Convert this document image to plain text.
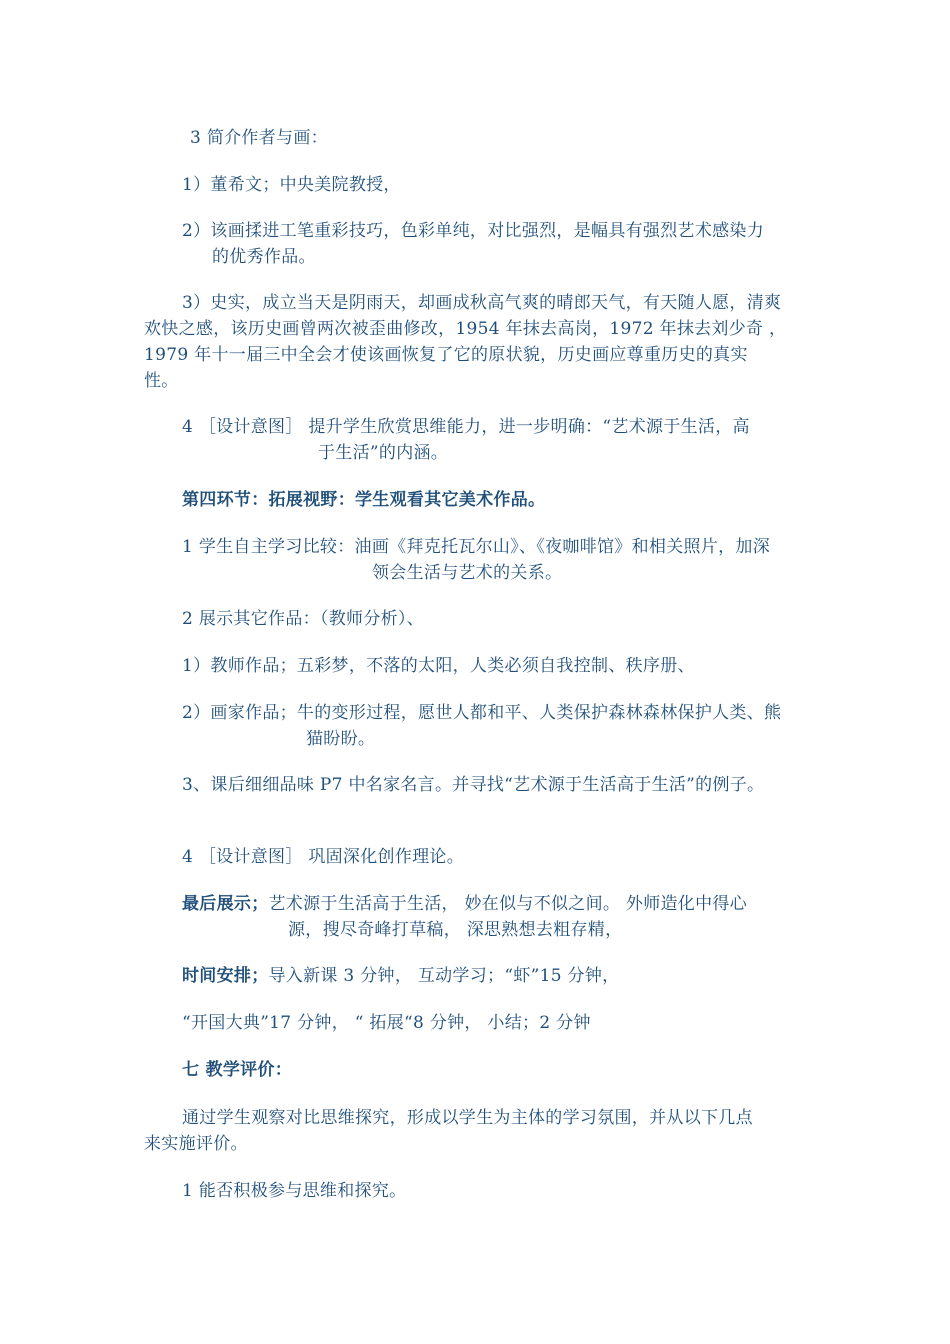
3 简介作者与画：
1）董希文；中央美院教授，
2）该画揉进工笔重彩技巧，色彩单纯，对比强烈，是幅具有强烈艺术感染力
的优秀作品。
3）史实，成立当天是阴雨天，却画成秋高气爽的晴郎天气，有天随人愿，清爽
欢快之感，该历史画曾两次被歪曲修改，1954 年抹去高岗，1972 年抹去刘少奇 ，
1979 年十一届三中全会才使该画恢复了它的原状貌，历史画应尊重历史的真实
性。
4 ［设计意图］ 提升学生欣赏思维能力，进一步明确：“艺术源于生活，高
于生活”的内涵。
第四环节：拓展视野：学生观看其它美术作品。
1 学生自主学习比较：油画《拜克托瓦尔山》、《夜咖啡馆》和相关照片，加深
领会生活与艺术的关系。
2 展示其它作品：（教师分析）、
1）教师作品；五彩梦，不落的太阳，人类必须自我控制、秩序册、
2）画家作品；牛的变形过程，愿世人都和平、人类保护森林森林保护人类、熊
猫盼盼。
3、课后细细品味 P7 中名家名言。并寻找“艺术源于生活高于生活”的例子。
4 ［设计意图］ 巩固深化创作理论。
最后展示；艺术源于生活高于生活， 妙在似与不似之间。 外师造化中得心
源，搜尽奇峰打草稿， 深思熟想去粗存精，
时间安排；导入新课 3 分钟， 互动学习；“虾”15 分钟，
“开国大典”17 分钟， “ 拓展“8 分钟， 小结；2 分钟
七 教学评价：
通过学生观察对比思维探究，形成以学生为主体的学习氛围，并从以下几点
来实施评价。
1 能否积极参与思维和探究。
